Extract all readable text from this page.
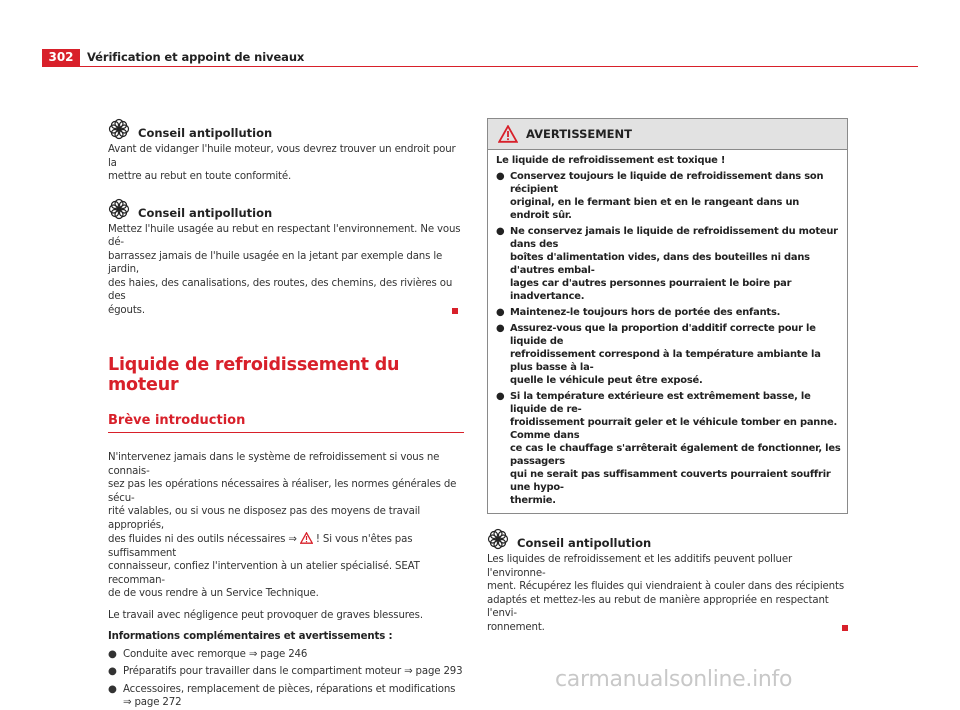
302	Vérification et appoint de niveaux
Conseil antipollution

Avant de vidanger l'huile moteur, vous devrez trouver un endroit pour la
mettre au rebut en toute conformité.

Conseil antipollution

Mettez l'huile usagée au rebut en respectant l'environnement. Ne vous dé-
barrassez jamais de l'huile usagée en la jetant par exemple dans le jardin,
des haies, des canalisations, des routes, des chemins, des rivières ou des
égouts.

Liquide de refroidissement du moteur
Brève introduction

N'intervenez jamais dans le système de refroidissement si vous ne connais-
sez pas les opérations nécessaires à réaliser, les normes générales de sécu-
rité valables, ou si vous ne disposez pas des moyens de travail appropriés,
des fluides ni des outils nécessaires ⇒ ! Si vous n'êtes pas suffisamment
connaisseur, confiez l'intervention à un atelier spécialisé. SEAT recomman-
de de vous rendre à un Service Technique.

Le travail avec négligence peut provoquer de graves blessures.

Informations complémentaires et avertissements :

● Conduite avec remorque ⇒ page 246
● Préparatifs pour travailler dans le compartiment moteur ⇒ page 293
● Accessoires, remplacement de pièces, réparations et modifications
⇒ page 272
AVERTISSEMENT
Le liquide de refroidissement est toxique !
● Conservez toujours le liquide de refroidissement dans son récipient
original, en le fermant bien et en le rangeant dans un endroit sûr.
● Ne conservez jamais le liquide de refroidissement du moteur dans des
boîtes d'alimentation vides, dans des bouteilles ni dans d'autres embal-
lages car d'autres personnes pourraient le boire par inadvertance.
● Maintenez-le toujours hors de portée des enfants.
● Assurez-vous que la proportion d'additif correcte pour le liquide de
refroidissement correspond à la température ambiante la plus basse à la-
quelle le véhicule peut être exposé.
● Si la température extérieure est extrêmement basse, le liquide de re-
froidissement pourrait geler et le véhicule tomber en panne. Comme dans
ce cas le chauffage s'arrêterait également de fonctionner, les passagers
qui ne serait pas suffisamment couverts pourraient souffrir une hypo-
thermie.
Conseil antipollution

Les liquides de refroidissement et les additifs peuvent polluer l'environne-
ment. Récupérez les fluides qui viendraient à couler dans des récipients
adaptés et mettez-les au rebut de manière appropriée en respectant l'envi-
ronnement.

carmanualsonline.info
